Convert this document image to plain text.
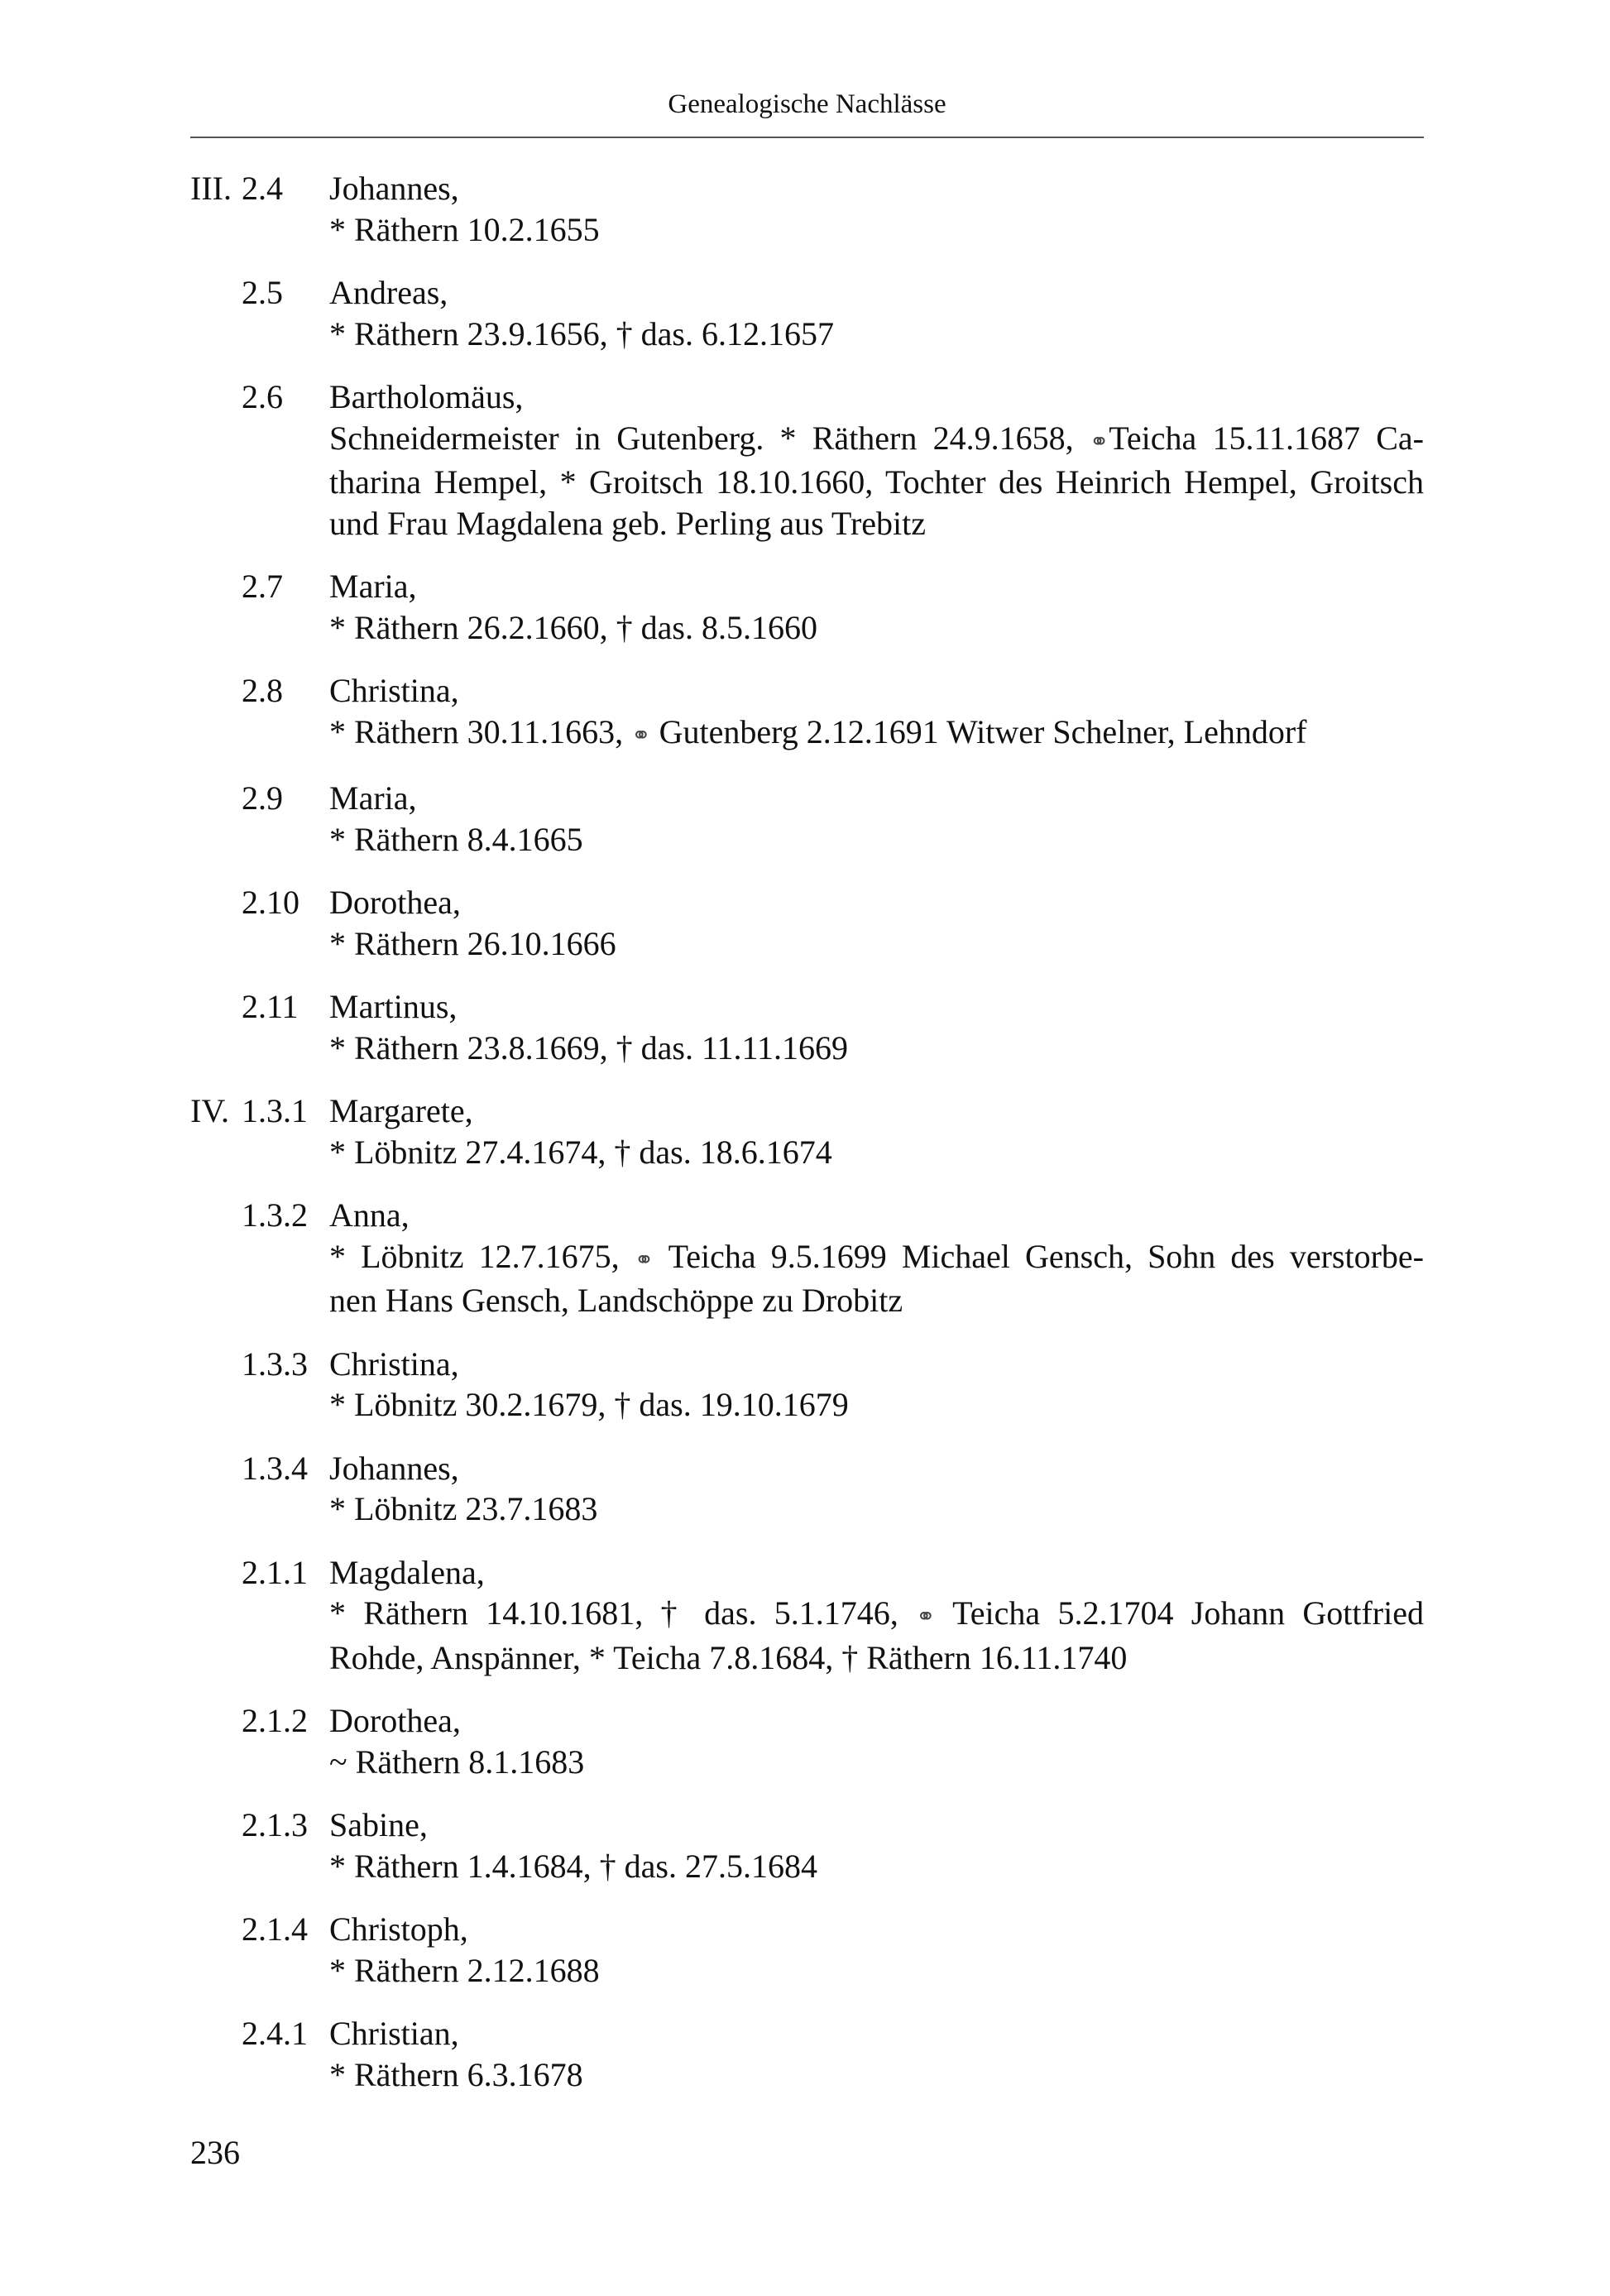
Genealogische Nachlässe
III. 2.4 Johannes,
* Räthern 10.2.1655
2.5 Andreas,
* Räthern 23.9.1656, † das. 6.12.1657
2.6 Bartholomäus,
Schneidermeister in Gutenberg. * Räthern 24.9.1658, ⚭Teicha 15.11.1687 Ca-
tharina Hempel, * Groitsch 18.10.1660, Tochter des Heinrich Hempel, Groitsch
und Frau Magdalena geb. Perling aus Trebitz
2.7 Maria,
* Räthern 26.2.1660, † das. 8.5.1660
2.8 Christina,
* Räthern 30.11.1663, ⚭ Gutenberg 2.12.1691 Witwer Schelner, Lehndorf
2.9 Maria,
* Räthern 8.4.1665
2.10 Dorothea,
* Räthern 26.10.1666
2.11 Martinus,
* Räthern 23.8.1669, † das. 11.11.1669
IV. 1.3.1 Margarete,
* Löbnitz 27.4.1674, † das. 18.6.1674
1.3.2 Anna,
* Löbnitz 12.7.1675, ⚭ Teicha 9.5.1699 Michael Gensch, Sohn des verstorbe-
nen Hans Gensch, Landschöppe zu Drobitz
1.3.3 Christina,
* Löbnitz 30.2.1679, † das. 19.10.1679
1.3.4 Johannes,
* Löbnitz 23.7.1683
2.1.1 Magdalena,
* Räthern 14.10.1681, † das. 5.1.1746, ⚭ Teicha 5.2.1704 Johann Gottfried
Rohde, Anspänner, * Teicha 7.8.1684, † Räthern 16.11.1740
2.1.2 Dorothea,
~ Räthern 8.1.1683
2.1.3 Sabine,
* Räthern 1.4.1684, † das. 27.5.1684
2.1.4 Christoph,
* Räthern 2.12.1688
2.4.1 Christian,
* Räthern 6.3.1678
236
